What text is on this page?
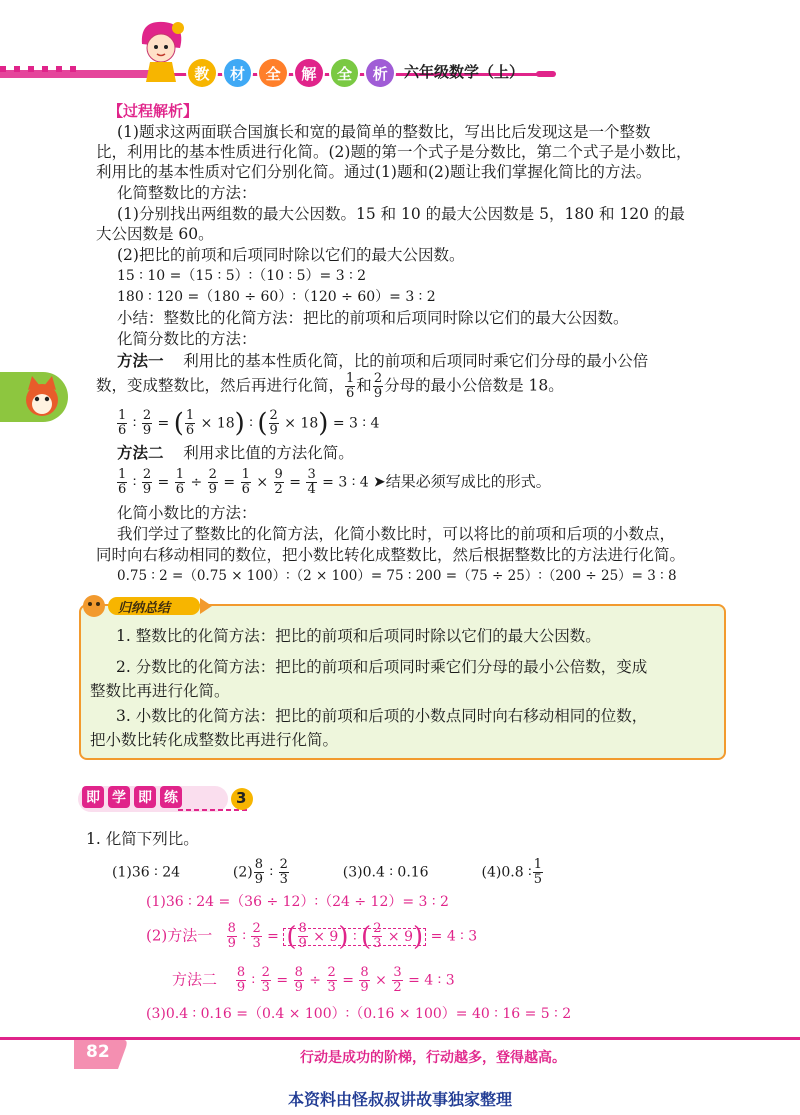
教	材	全	解	全	析	六年级数学（上）
【过程解析】
(1)题求这两面联合国旗长和宽的最简单的整数比，写出比后发现这是一个整数
比，利用比的基本性质进行化简。(2)题的第一个式子是分数比，第二个式子是小数比，
利用比的基本性质对它们分别化简。通过(1)题和(2)题让我们掌握化简比的方法。
化简整数比的方法：
(1)分别找出两组数的最大公因数。15 和 10 的最大公因数是 5，180 和 120 的最
大公因数是 60。
(2)把比的前项和后项同时除以它们的最大公因数。
15 ∶ 10 =（15 ∶ 5）∶（10 ∶ 5）= 3 ∶ 2
180 ∶ 120 =（180 ÷ 60）∶（120 ÷ 60）= 3 ∶ 2
小结：整数比的化简方法：把比的前项和后项同时除以它们的最大公因数。
化简分数比的方法：
方法一 利用比的基本性质化简，比的前项和后项同时乘它们分母的最小公倍
数，变成整数比，然后再进行化简， $\frac{1}{6}$ 和 $\frac{2}{9}$ 分母的最小公倍数是 18。
$\frac{1}{6}$ ∶ $\frac{2}{9}$ = ( $\frac{1}{6} \times 18$) ∶ ( $\frac{2}{9} \times 18) = 3$ ∶ 4
方法二 利用求比值的方法化简。
$\frac{1}{6}$ ∶ $\frac{2}{9} = \frac{1}{6} \div \frac{2}{9} = \frac{1}{6} \times \frac{9}{2} = \frac{3}{4} = 3$ ∶ 4 ➤结果必须写成比的形式。
化简小数比的方法：
我们学过了整数比的化简方法，化简小数比时，可以将比的前项和后项的小数点，
同时向右移动相同的数位，把小数比转化成整数比，然后根据整数比的方法进行化简。
0.75 ∶ 2 =（0.75 × 100）∶（2 × 100）= 75 ∶ 200 =（75 ÷ 25）∶（200 ÷ 25）= 3 ∶ 8
归纳总结
1. 整数比的化简方法：把比的前项和后项同时除以它们的最大公因数。
2. 分数比的化简方法：把比的前项和后项同时乘它们分母的最小公倍数，变成
整数比再进行化简。
3. 小数比的化简方法：把比的前项和后项的小数点同时向右移动相同的位数，
把小数比转化成整数比再进行化简。
即 学 即 练	3
1. 化简下列比。
(1)36 ∶ 24	$(2) \frac{8}{9}$ ∶ $\frac{2}{3}$	(3)0.4 ∶ 0.16	(4)0.8 ∶ $\frac{1}{5}$
(1)36 ∶ 24 =（36 ÷ 12）∶（24 ÷ 12）= 3 ∶ 2
(2)方法一 $\frac{8}{9}$ ∶ $\frac{2}{3}$ = ( $\frac{8}{9} \times 9$) ∶ ( $\frac{2}{3} \times 9) = 4$ ∶ 3
方法二 $\frac{8}{9}$ ∶ $\frac{2}{3} = \frac{8}{9} \div \frac{2}{3} = \frac{8}{9} \times \frac{3}{2} = 4$ ∶ 3
(3)0.4 ∶ 0.16 =（0.4 × 100）∶（0.16 × 100）= 40 ∶ 16 = 5 ∶ 2
82	行动是成功的阶梯，行动越多，登得越高。
本资料由怪叔叔讲故事独家整理
